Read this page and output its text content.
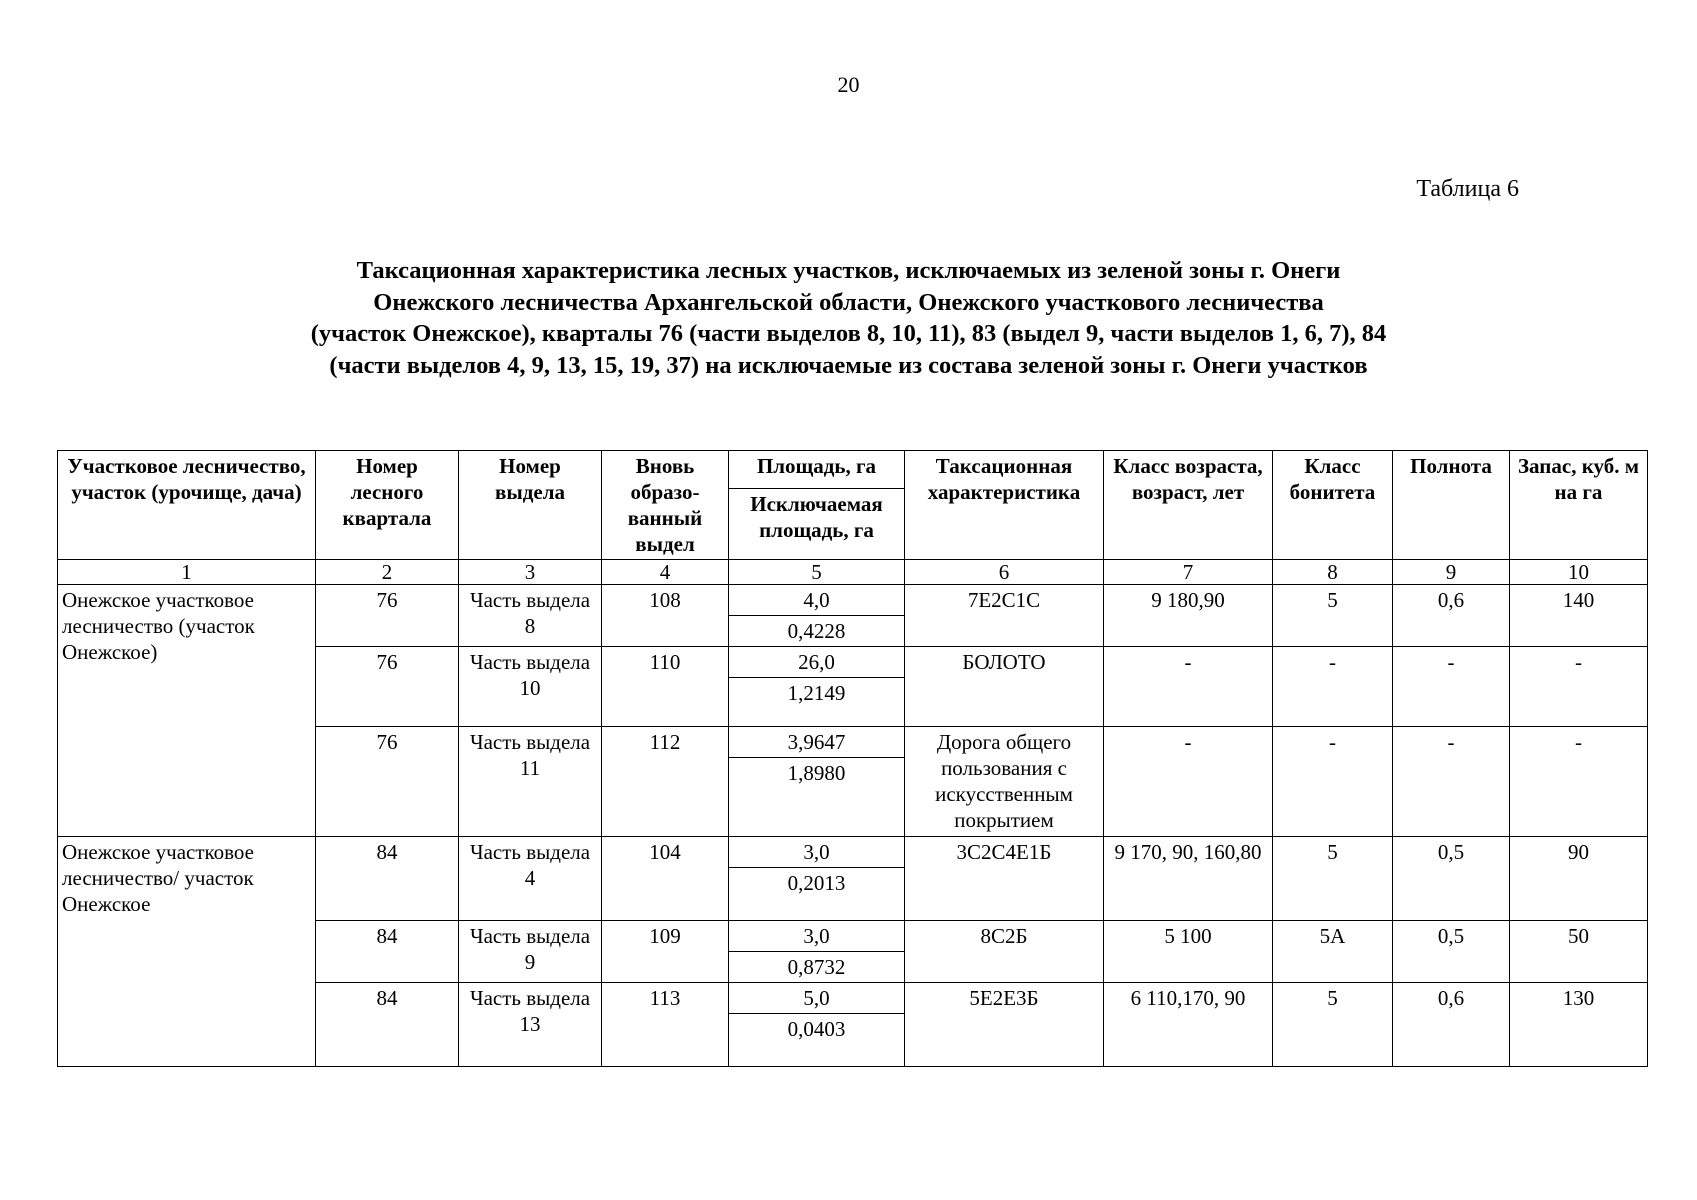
20
Таблица 6
Таксационная характеристика лесных участков, исключаемых из зеленой зоны г. Онеги
Онежского лесничества Архангельской области, Онежского участкового лесничества
(участок Онежское), кварталы 76 (части выделов 8, 10, 11), 83 (выдел 9, части выделов 1, 6, 7), 84
(части выделов 4, 9, 13, 15, 19, 37) на исключаемые из состава зеленой зоны г. Онеги участков
Участковое лесничество, участок (урочище, дача)	Номер лесного квартала	Номер выдела	Вновь образо-ванный выдел	Площадь, га	Таксационная характеристика	Класс возраста, возраст, лет	Класс бонитета	Полнота	Запас, куб. м на га
				Исключаемая площадь, га					
1	2	3	4	5	6	7	8	9	10
Онежское участковое лесничество (участок Онежское)	76	Часть выдела 8	108	4,0	7Е2С1С	9 180,90	5	0,6	140
				0,4228					
	76	Часть выдела 10	110	26,0	БОЛОТО	-	-	-	-
				1,2149					
	76	Часть выдела 11	112	3,9647	Дорога общего пользования с искусственным покрытием	-	-	-	-
				1,8980					
Онежское участковое лесничество/ участок Онежское	84	Часть выдела 4	104	3,0	3С2С4Е1Б	9 170, 90, 160,80	5	0,5	90
				0,2013					
	84	Часть выдела 9	109	3,0	8С2Б	5 100	5А	0,5	50
				0,8732					
	84	Часть выдела 13	113	5,0	5Е2Е3Б	6 110,170, 90	5	0,6	130
				0,0403					
